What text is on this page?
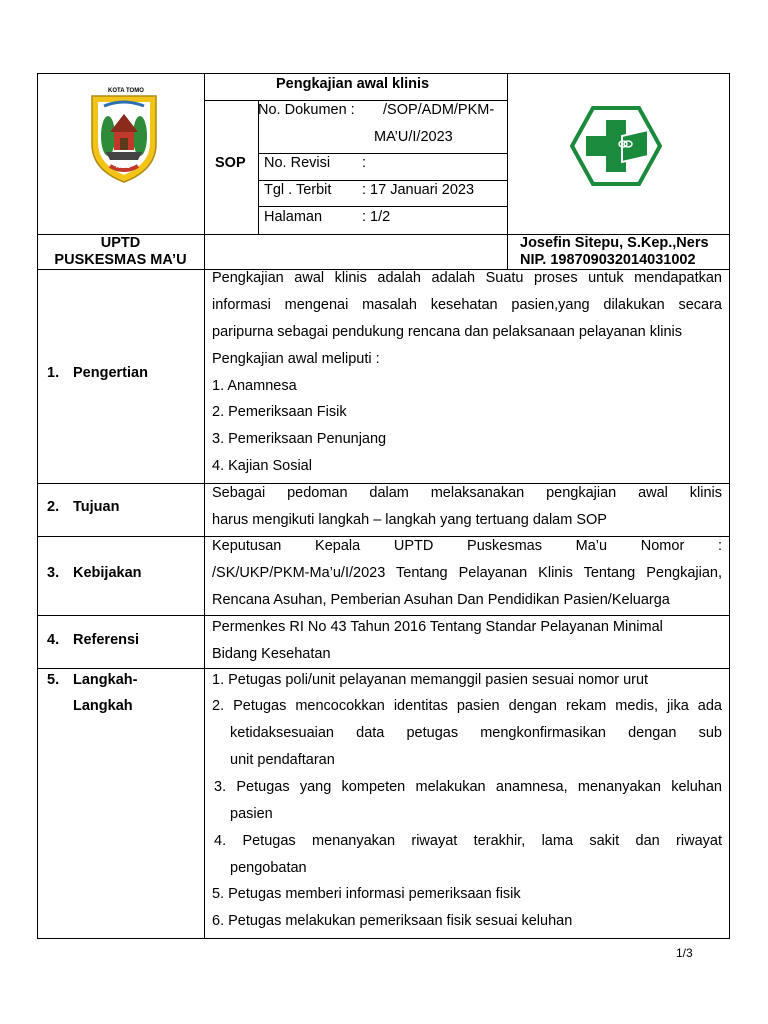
KOTA TOMO
NIAS
Pengkajian awal klinis
SOP
No. Dokumen : /SOP/ADM/PKM-
MA’U/I/2023
No. Revisi :
Tgl . Terbit : 17 Januari 2023
Halaman	: 1/2
UPTD
PUSKESMAS MA’U
Josefin Sitepu, S.Kep.,Ners
NIP. 198709032014031002
1. Pengertian
Pengkajian awal klinis adalah adalah Suatu proses untuk mendapatkan
informasi mengenai masalah kesehatan pasien,yang dilakukan secara
paripurna sebagai pendukung rencana dan pelaksanaan pelayanan klinis
Pengkajian awal meliputi :
1. Anamnesa
2. Pemeriksaan Fisik
3. Pemeriksaan Penunjang
4. Kajian Sosial
2. Tujuan
Sebagai pedoman dalam melaksanakan pengkajian awal klinis
harus mengikuti langkah – langkah yang tertuang dalam SOP
3. Kebijakan
Keputusan Kepala UPTD Puskesmas Ma’u Nomor :
/SK/UKP/PKM-Ma’u/I/2023 Tentang Pelayanan Klinis Tentang Pengkajian,
Rencana Asuhan, Pemberian Asuhan Dan Pendidikan Pasien/Keluarga
4. Referensi
Permenkes RI No 43 Tahun 2016 Tentang Standar Pelayanan Minimal
Bidang Kesehatan
5. Langkah-
Langkah
1. Petugas poli/unit pelayanan memanggil pasien sesuai nomor urut
2. Petugas mencocokkan identitas pasien dengan rekam medis, jika ada
ketidaksesuaian data petugas mengkonfirmasikan dengan sub
unit pendaftaran
3. Petugas yang kompeten melakukan anamnesa, menanyakan keluhan
pasien
4. Petugas menanyakan riwayat terakhir, lama sakit dan riwayat
pengobatan
5. Petugas memberi informasi pemeriksaan fisik
6. Petugas melakukan pemeriksaan fisik sesuai keluhan
1/3
